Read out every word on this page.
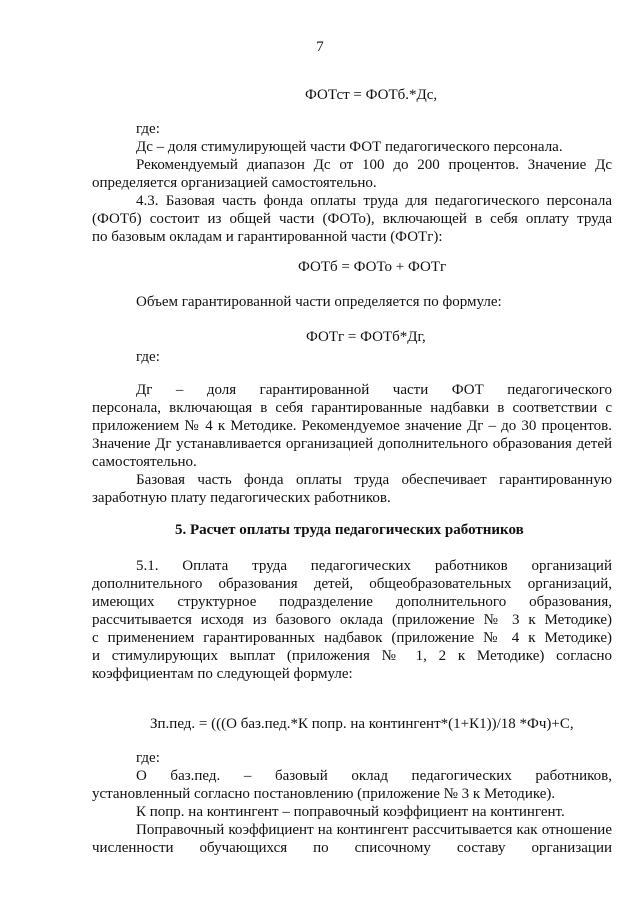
7
ФОТст = ФОТб.*Дс,
где:
Дс – доля стимулирующей части ФОТ педагогического персонала.
Рекомендуемый диапазон Дс от 100 до 200 процентов. Значение Дс
определяется организацией самостоятельно.
4.3. Базовая часть фонда оплаты труда для педагогического персонала
(ФОТб) состоит из общей части (ФОТо), включающей в себя оплату труда
по базовым окладам и гарантированной части (ФОТг):
ФОТб = ФОТо + ФОТг
Объем гарантированной части определяется по формуле:
ФОТг = ФОТб*Дг,
где:
Дг – доля гарантированной части ФОТ педагогического
персонала, включающая в себя гарантированные надбавки в соответствии с
приложением № 4 к Методике. Рекомендуемое значение Дг – до 30 процентов.
Значение Дг устанавливается организацией дополнительного образования детей
самостоятельно.
Базовая часть фонда оплаты труда обеспечивает гарантированную
заработную плату педагогических работников.
5. Расчет оплаты труда педагогических работников
5.1. Оплата труда педагогических работников организаций
дополнительного образования детей, общеобразовательных организаций,
имеющих структурное подразделение дополнительного образования,
рассчитывается исходя из базового оклада (приложение № 3 к Методике)
с применением гарантированных надбавок (приложение № 4 к Методике)
и стимулирующих выплат (приложения № 1, 2 к Методике) согласно
коэффициентам по следующей формуле:
Зп.пед. = (((О баз.пед.*К попр. на контингент*(1+К1))/18 *Фч)+С,
где:
О баз.пед. – базовый оклад педагогических работников,
установленный согласно постановлению (приложение № 3 к Методике).
К попр. на контингент – поправочный коэффициент на контингент.
Поправочный коэффициент на контингент рассчитывается как отношение
численности обучающихся по списочному составу организации
